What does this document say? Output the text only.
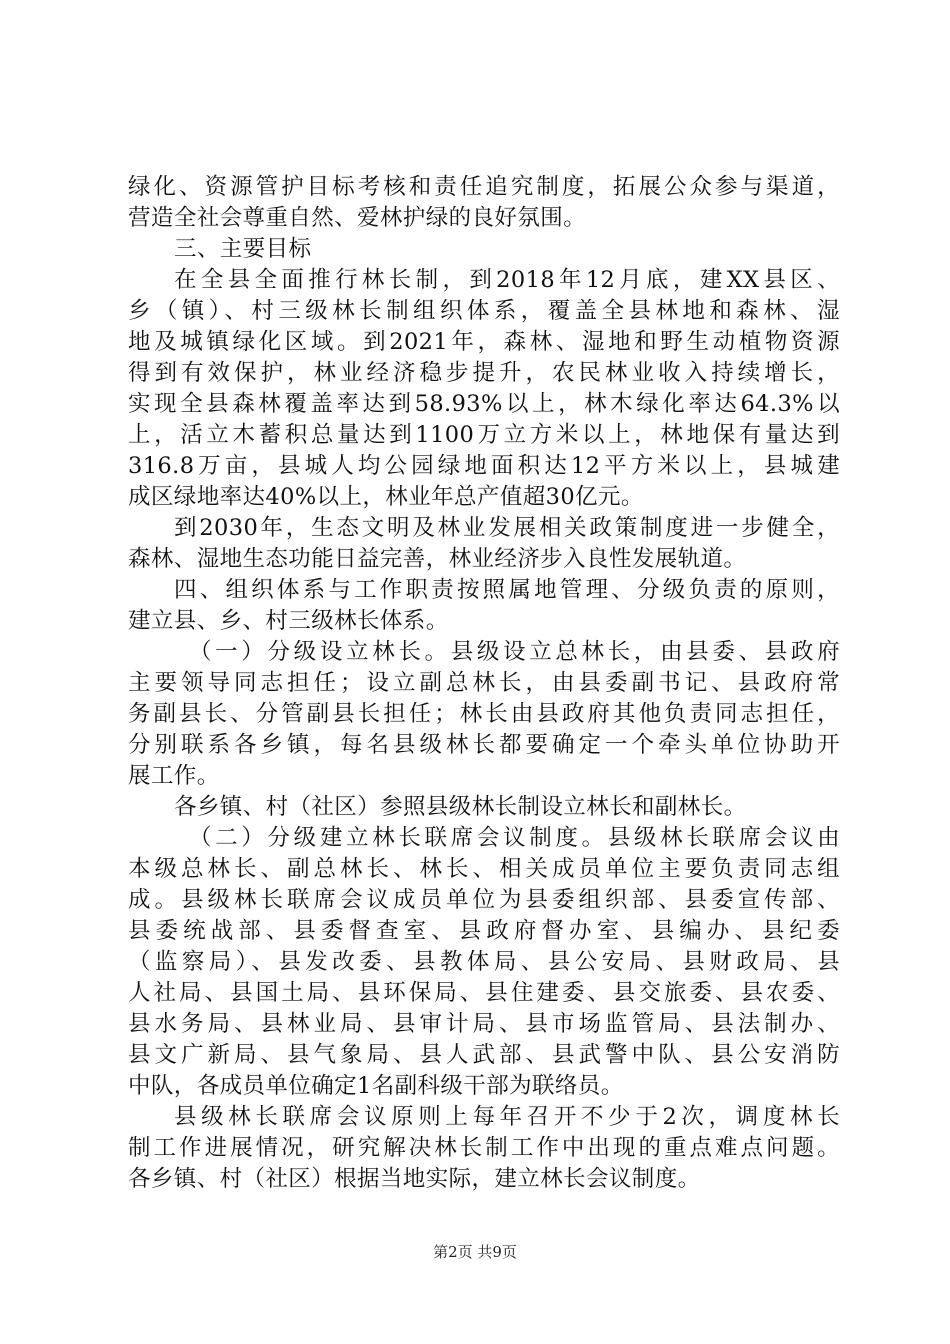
绿化、资源管护目标考核和责任追究制度，拓展公众参与渠道，
营造全社会尊重自然、爱林护绿的良好氛围。
三、主要目标
在全县全面推行林长制，到2018年12月底，建XX县区、
乡（镇）、村三级林长制组织体系，覆盖全县林地和森林、湿
地及城镇绿化区域。到2021年，森林、湿地和野生动植物资源
得到有效保护，林业经济稳步提升，农民林业收入持续增长，
实现全县森林覆盖率达到58.93%以上，林木绿化率达64.3%以
上，活立木蓄积总量达到1100万立方米以上，林地保有量达到
316.8万亩，县城人均公园绿地面积达12平方米以上，县城建
成区绿地率达40%以上，林业年总产值超30亿元。
到2030年，生态文明及林业发展相关政策制度进一步健全，
森林、湿地生态功能日益完善，林业经济步入良性发展轨道。
四、组织体系与工作职责按照属地管理、分级负责的原则，
建立县、乡、村三级林长体系。
（一）分级设立林长。县级设立总林长，由县委、县政府
主要领导同志担任；设立副总林长，由县委副书记、县政府常
务副县长、分管副县长担任；林长由县政府其他负责同志担任，
分别联系各乡镇，每名县级林长都要确定一个牵头单位协助开
展工作。
各乡镇、村（社区）参照县级林长制设立林长和副林长。
（二）分级建立林长联席会议制度。县级林长联席会议由
本级总林长、副总林长、林长、相关成员单位主要负责同志组
成。县级林长联席会议成员单位为县委组织部、县委宣传部、
县委统战部、县委督查室、县政府督办室、县编办、县纪委
（监察局）、县发改委、县教体局、县公安局、县财政局、县
人社局、县国土局、县环保局、县住建委、县交旅委、县农委、
县水务局、县林业局、县审计局、县市场监管局、县法制办、
县文广新局、县气象局、县人武部、县武警中队、县公安消防
中队，各成员单位确定1名副科级干部为联络员。
县级林长联席会议原则上每年召开不少于2次，调度林长
制工作进展情况，研究解决林长制工作中出现的重点难点问题。
各乡镇、村（社区）根据当地实际，建立林长会议制度。
第2页 共9页
